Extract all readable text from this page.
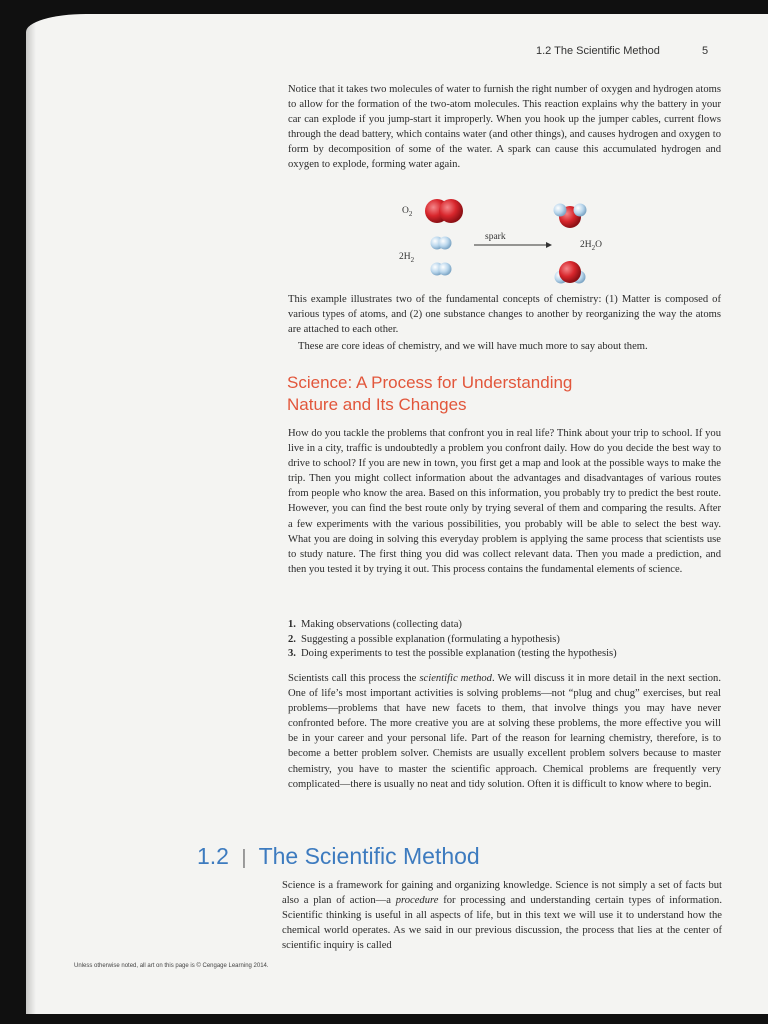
1.2 The Scientific Method	5

Notice that it takes two molecules of water to furnish the right number of oxygen and hydrogen atoms to allow for the formation of the two-atom molecules. This reaction explains why the battery in your car can explode if you jump-start it improperly. When you hook up the jumper cables, current flows through the dead battery, which contains water (and other things), and causes hydrogen and oxygen to form by decomposition of some of the water. A spark can cause this accumulated hydrogen and oxygen to explode, forming water again.

$O_2$
$2H_2$
spark
$2H_2O$

This example illustrates two of the fundamental concepts of chemistry: (1) Matter is composed of various types of atoms, and (2) one substance changes to another by reorganizing the way the atoms are attached to each other.

These are core ideas of chemistry, and we will have much more to say about them.

Science: A Process for Understanding

Nature and Its Changes

How do you tackle the problems that confront you in real life? Think about your trip to school. If you live in a city, traffic is undoubtedly a problem you confront daily. How do you decide the best way to drive to school? If you are new in town, you first get a map and look at the possible ways to make the trip. Then you might collect information about the advantages and disadvantages of various routes from people who know the area. Based on this information, you probably try to predict the best route. However, you can find the best route only by trying several of them and comparing the results. After a few experiments with the various possibilities, you probably will be able to select the best way. What you are doing in solving this everyday problem is applying the same process that scientists use to study nature. The first thing you did was collect relevant data. Then you made a prediction, and then you tested it by trying it out. This process contains the fundamental elements of science.

1. Making observations (collecting data)
2. Suggesting a possible explanation (formulating a hypothesis)
3. Doing experiments to test the possible explanation (testing the hypothesis)

Scientists call this process the scientific method. We will discuss it in more detail in the next section. One of life’s most important activities is solving problems—not “plug and chug” exercises, but real problems—problems that have new facets to them, that involve things you may have never confronted before. The more creative you are at solving these problems, the more effective you will be in your career and your personal life. Part of the reason for learning chemistry, therefore, is to become a better problem solver. Chemists are usually excellent problem solvers because to master chemistry, you have to master the scientific approach. Chemical problems are frequently very complicated—there is usually no neat and tidy solution. Often it is difficult to know where to begin.

1.2 | The Scientific Method

Science is a framework for gaining and organizing knowledge. Science is not simply a set of facts but also a plan of action—a procedure for processing and understanding certain types of information. Scientific thinking is useful in all aspects of life, but in this text we will use it to understand how the chemical world operates. As we said in our previous discussion, the process that lies at the center of scientific inquiry is called

Unless otherwise noted, all art on this page is © Cengage Learning 2014.
